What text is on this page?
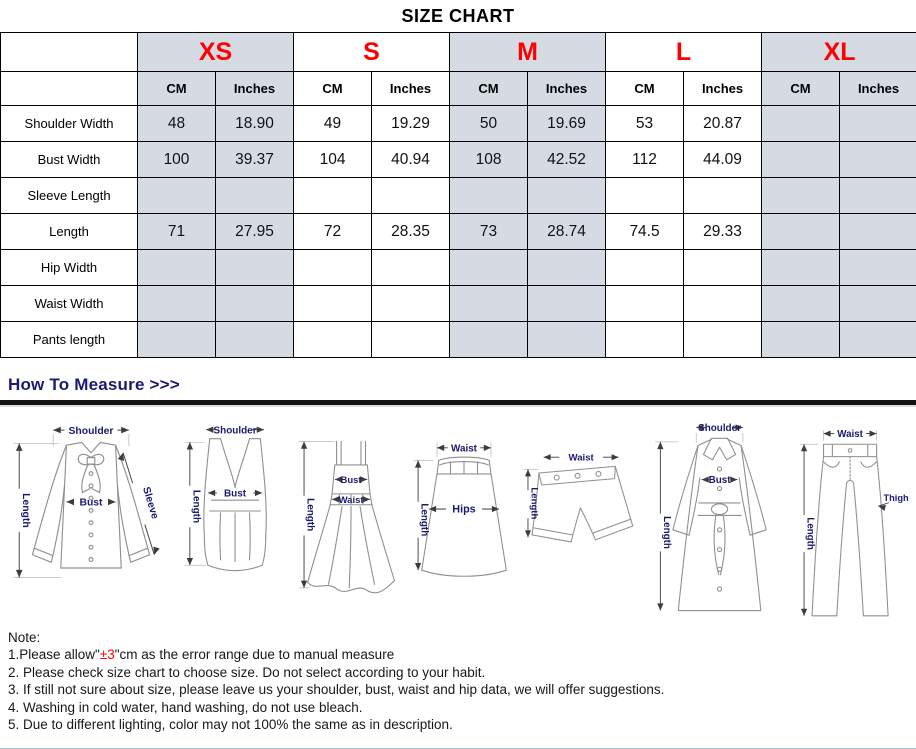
SIZE CHART
	XS		S		M		L		XL	
	CM	Inches	CM	Inches	CM	Inches	CM	Inches	CM	Inches
Shoulder Width	48	18.90	49	19.29	50	19.69	53	20.87		
Bust Width	100	39.37	104	40.94	108	42.52	112	44.09		
Sleeve Length										
Length	71	27.95	72	28.35	73	28.74	74.5	29.33		
Hip Width										
Waist Width										
Pants length										
How To Measure >>>
Shoulder
Bust
Length	Sleeve
Shoulder
Bust
Length
Bust
Waist
Length
Waist
Hips
Length
Waist
Length
Shoulder
Bust
Length
Waist
Thigh
Length
Note:
1.Please allow"±3"cm as the error range due to manual measure
2. Please check size chart to choose size. Do not select according to your habit.
3. If still not sure about size, please leave us your shoulder, bust, waist and hip data, we will offer suggestions.
4. Washing in cold water, hand washing, do not use bleach.
5. Due to different lighting, color may not 100% the same as in description.
